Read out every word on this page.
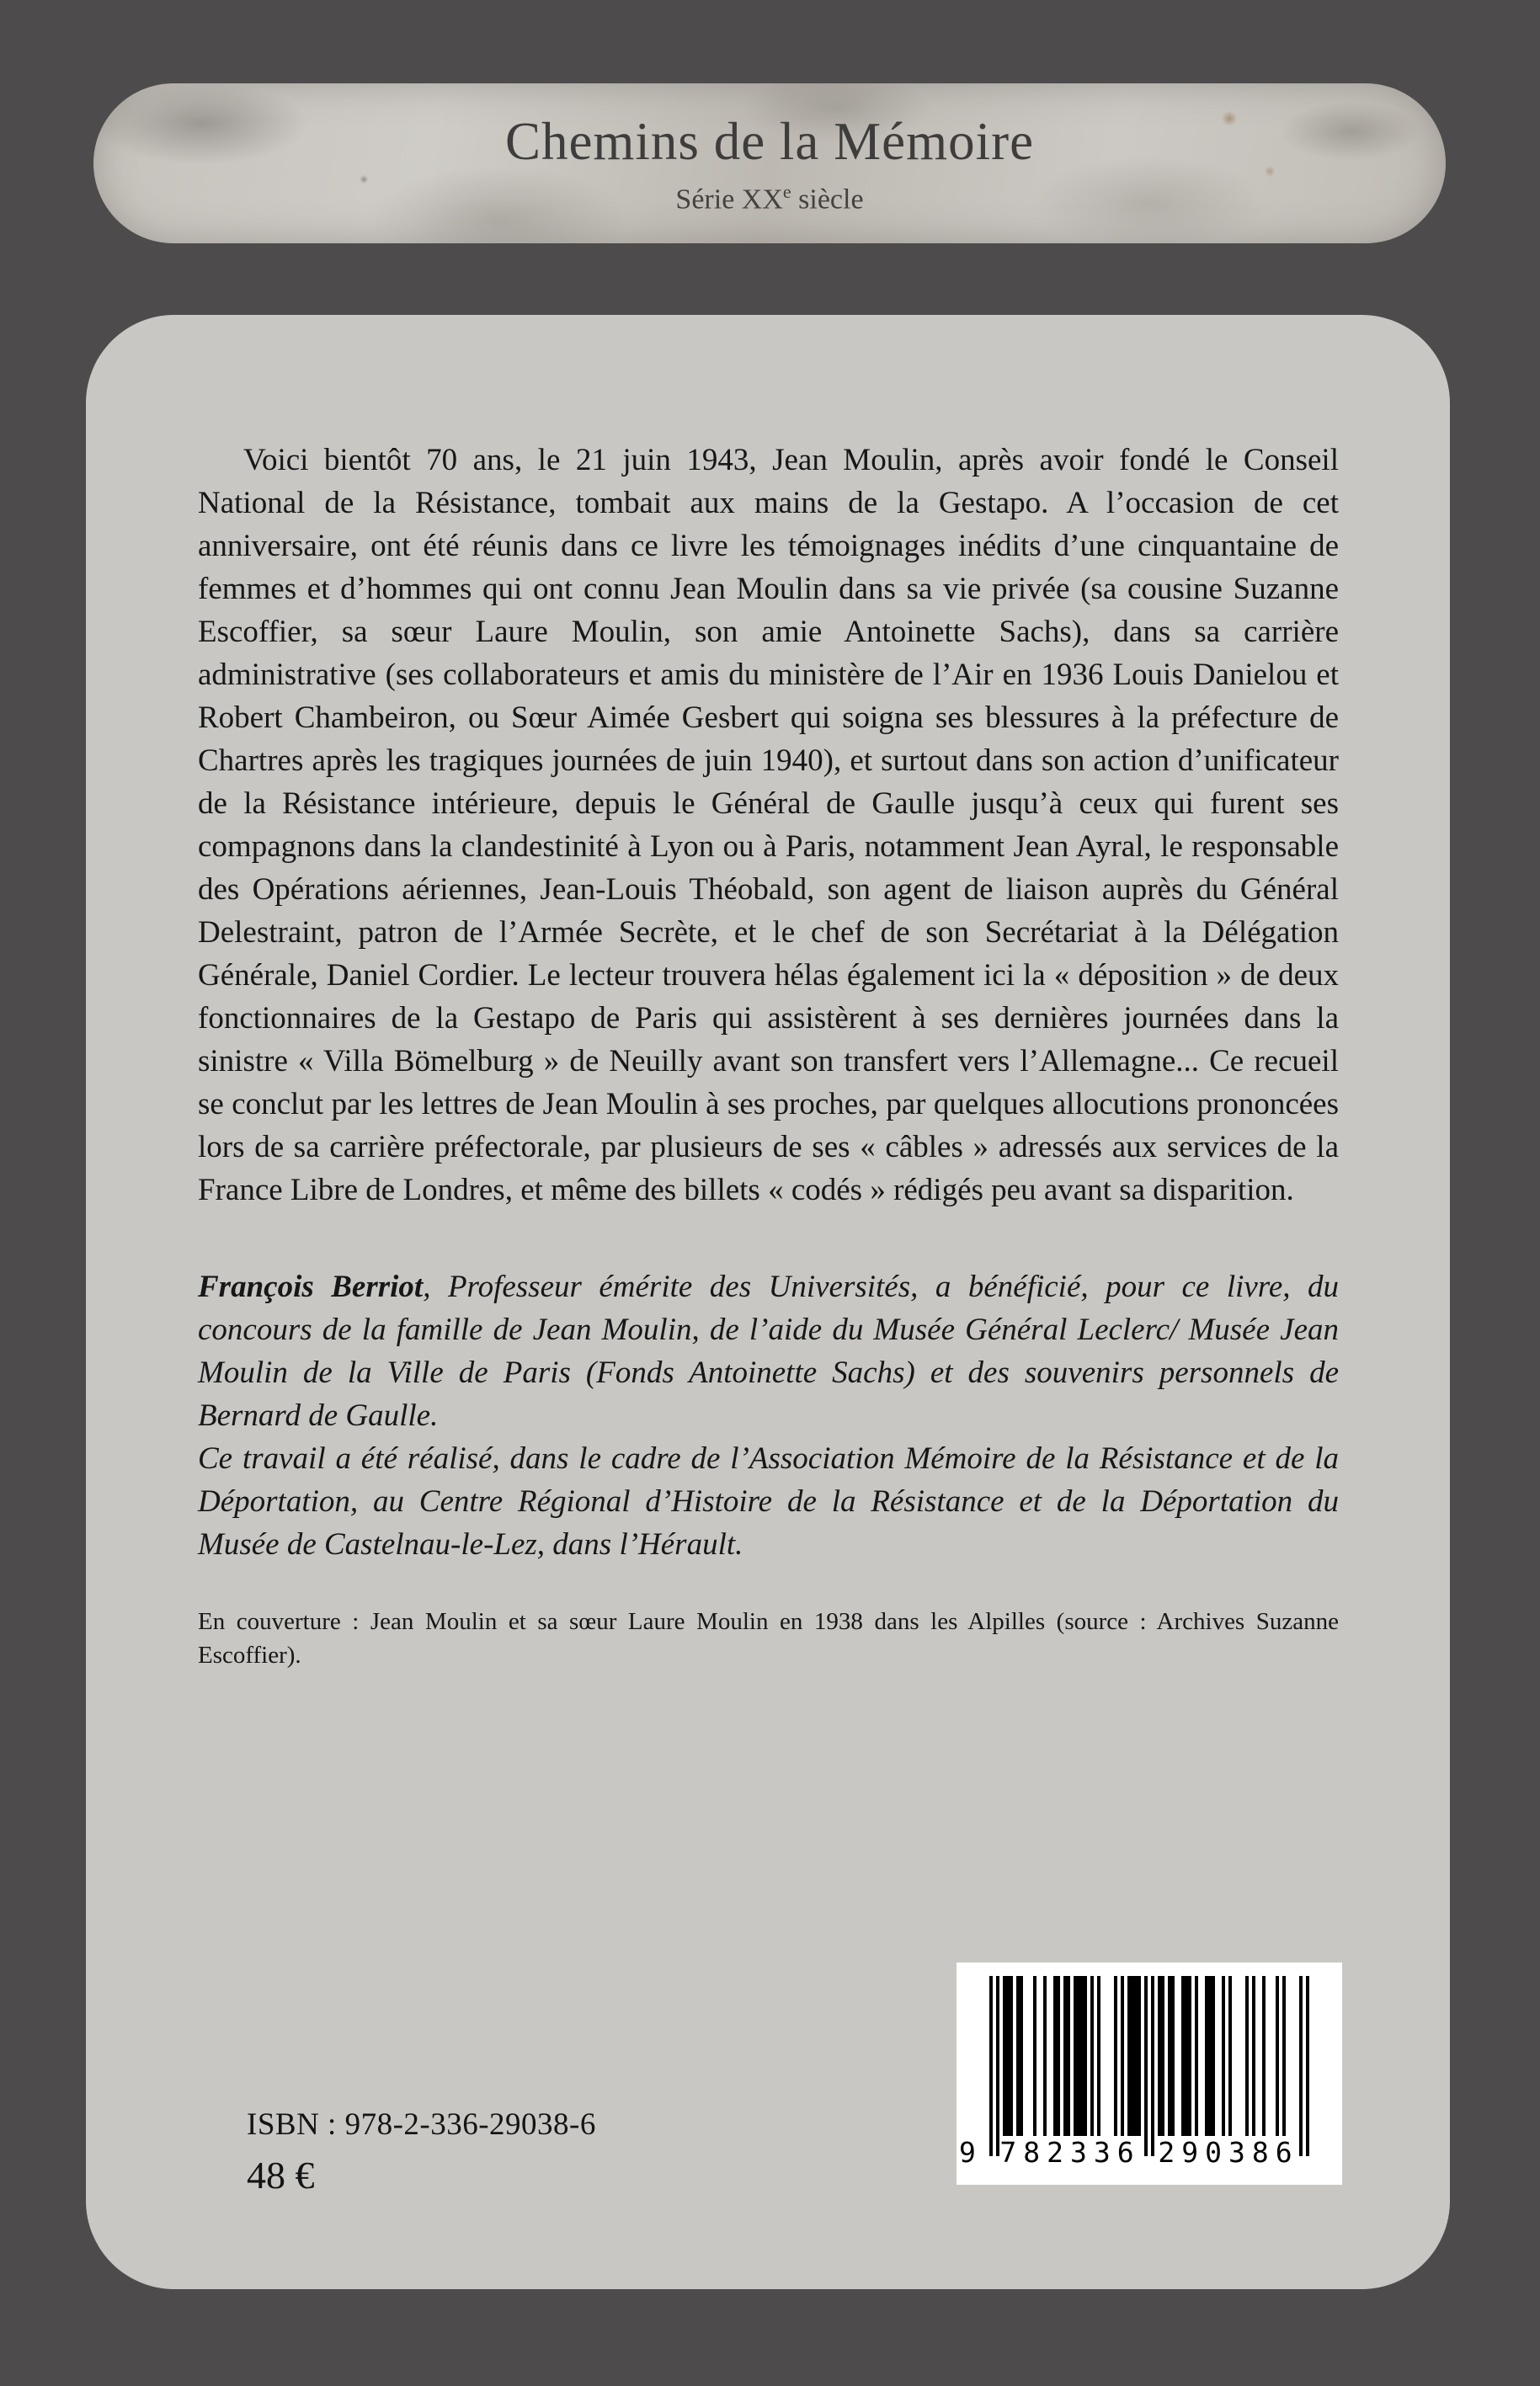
Chemins de la Mémoire
Série XXe siècle

Voici bientôt 70 ans, le 21 juin 1943, Jean Moulin, après avoir fondé le Conseil National de la Résistance, tombait aux mains de la Gestapo. A l’occasion de cet anniversaire, ont été réunis dans ce livre les témoignages inédits d’une cinquantaine de femmes et d’hommes qui ont connu Jean Moulin dans sa vie privée (sa cousine Suzanne Escoffier, sa sœur Laure Moulin, son amie Antoinette Sachs), dans sa carrière administrative (ses collaborateurs et amis du ministère de l’Air en 1936 Louis Danielou et Robert Chambeiron, ou Sœur Aimée Gesbert qui soigna ses blessures à la préfecture de Chartres après les tragiques journées de juin 1940), et surtout dans son action d’unificateur de la Résistance intérieure, depuis le Général de Gaulle jusqu’à ceux qui furent ses compagnons dans la clandestinité à Lyon ou à Paris, notamment Jean Ayral, le responsable des Opérations aériennes, Jean-Louis Théobald, son agent de liaison auprès du Général Delestraint, patron de l’Armée Secrète, et le chef de son Secrétariat à la Délégation Générale, Daniel Cordier. Le lecteur trouvera hélas également ici la « déposition » de deux fonctionnaires de la Gestapo de Paris qui assistèrent à ses dernières journées dans la sinistre « Villa Bömelburg » de Neuilly avant son transfert vers l’Allemagne... Ce recueil se conclut par les lettres de Jean Moulin à ses proches, par quelques allocutions prononcées lors de sa carrière préfectorale, par plusieurs de ses « câbles » adressés aux services de la France Libre de Londres, et même des billets « codés » rédigés peu avant sa disparition.

François Berriot, Professeur émérite des Universités, a bénéficié, pour ce livre, du concours de la famille de Jean Moulin, de l’aide du Musée Général Leclerc/ Musée Jean Moulin de la Ville de Paris (Fonds Antoinette Sachs) et des souvenirs personnels de Bernard de Gaulle.

Ce travail a été réalisé, dans le cadre de l’Association Mémoire de la Résistance et de la Déportation, au Centre Régional d’Histoire de la Résistance et de la Déportation du Musée de Castelnau-le-Lez, dans l’Hérault.

En couverture : Jean Moulin et sa sœur Laure Moulin en 1938 dans les Alpilles (source : Archives Suzanne Escoffier).

ISBN : 978-2-336-29038-6
48 €
9 782336 290386
